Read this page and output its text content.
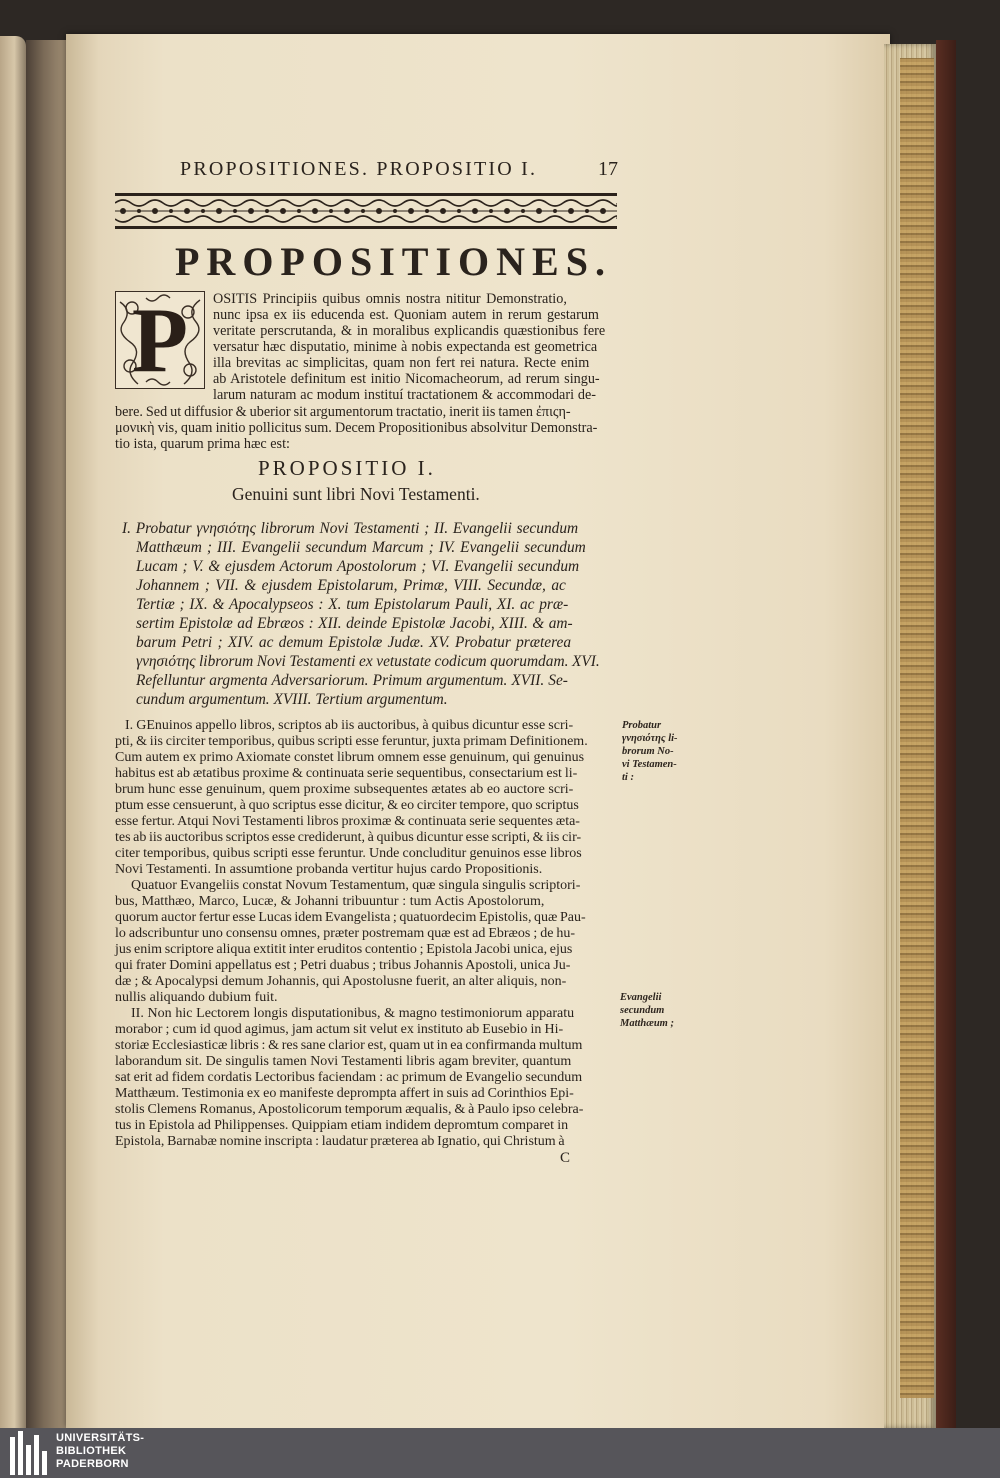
PROPOSITIONES. PROPOSITIO I.	17
PROPOSITIONES.
P	OSITIS Principiis quibus omnis nostra nititur Demonstratio,
nunc ipsa ex iis educenda est. Quoniam autem in rerum gestarum
veritate perscrutanda, & in moralibus explicandis quæstionibus fere
versatur hæc disputatio, minime à nobis expectanda est geometrica
illa brevitas ac simplicitas, quam non fert rei natura. Recte enim
ab Aristotele definitum est initio Nicomacheorum, ad rerum singu-
larum naturam ac modum instituí tractationem & accommodari de-
bere. Sed ut diffusior & uberior sit argumentorum tractatio, inerit iis tamen ἐπιςη-
μονικὴ vis, quam initio pollicitus sum. Decem Propositionibus absolvitur Demonstra-
tio ista, quarum prima hæc est:
PROPOSITIO I.
Genuini sunt libri Novi Testamenti.
I. Probatur γνησιότης librorum Novi Testamenti ; II. Evangelii secundum
Matthæum ; III. Evangelii secundum Marcum ; IV. Evangelii secundum
Lucam ; V. & ejusdem Actorum Apostolorum ; VI. Evangelii secundum
Johannem ; VII. & ejusdem Epistolarum, Primæ, VIII. Secundæ, ac
Tertiæ ; IX. & Apocalypseos : X. tum Epistolarum Pauli, XI. ac præ-
sertim Epistolæ ad Ebræos : XII. deinde Epistolæ Jacobi, XIII. & am-
barum Petri ; XIV. ac demum Epistolæ Judæ. XV. Probatur præterea
γνησιότης librorum Novi Testamenti ex vetustate codicum quorumdam. XVI.
Refelluntur argmenta Adversariorum. Primum argumentum. XVII. Se-
cundum argumentum. XVIII. Tertium argumentum.
I. GEnuinos appello libros, scriptos ab iis auctoribus, à quibus dicuntur esse scri-
pti, & iis circiter temporibus, quibus scripti esse feruntur, juxta primam Definitionem.
Cum autem ex primo Axiomate constet librum omnem esse genuinum, qui genuinus
habitus est ab ætatibus proxime & continuata serie sequentibus, consectarium est li-
brum hunc esse genuinum, quem proxime subsequentes ætates ab eo auctore scri-
ptum esse censuerunt, à quo scriptus esse dicitur, & eo circiter tempore, quo scriptus
esse fertur. Atqui Novi Testamenti libros proximæ & continuata serie sequentes æta-
tes ab iis auctoribus scriptos esse crediderunt, à quibus dicuntur esse scripti, & iis cir-
citer temporibus, quibus scripti esse feruntur. Unde concluditur genuinos esse libros
Novi Testamenti. In assumtione probanda vertitur hujus cardo Propositionis.
Quatuor Evangeliis constat Novum Testamentum, quæ singula singulis scriptori-
bus, Matthæo, Marco, Lucæ, & Johanni tribuuntur : tum Actis Apostolorum,
quorum auctor fertur esse Lucas idem Evangelista ; quatuordecim Epistolis, quæ Pau-
lo adscribuntur uno consensu omnes, præter postremam quæ est ad Ebræos ; de hu-
jus enim scriptore aliqua extitit inter eruditos contentio ; Epistola Jacobi unica, ejus
qui frater Domini appellatus est ; Petri duabus ; tribus Johannis Apostoli, unica Ju-
dæ ; & Apocalypsi demum Johannis, qui Apostolusne fuerit, an alter aliquis, non-
nullis aliquando dubium fuit.
II. Non hic Lectorem longis disputationibus, & magno testimoniorum apparatu
morabor ; cum id quod agimus, jam actum sit velut ex instituto ab Eusebio in Hi-
storiæ Ecclesiasticæ libris : & res sane clarior est, quam ut in ea confirmanda multum
laborandum sit. De singulis tamen Novi Testamenti libris agam breviter, quantum
sat erit ad fidem cordatis Lectoribus faciendam : ac primum de Evangelio secundum
Matthæum. Testimonia ex eo manifeste deprompta affert in suis ad Corinthios Epi-
stolis Clemens Romanus, Apostolicorum temporum æqualis, & à Paulo ipso celebra-
tus in Epistola ad Philippenses. Quippiam etiam indidem depromtum comparet in
Epistola, Barnabæ nomine inscripta : laudatur præterea ab Ignatio, qui Christum à
C
Probatur
γνησιότης li-
brorum No-
vi Testamen-
ti :
Evangelii
secundum
Matthæum ;
UNIVERSITÄTS-
BIBLIOTHEK
PADERBORN
